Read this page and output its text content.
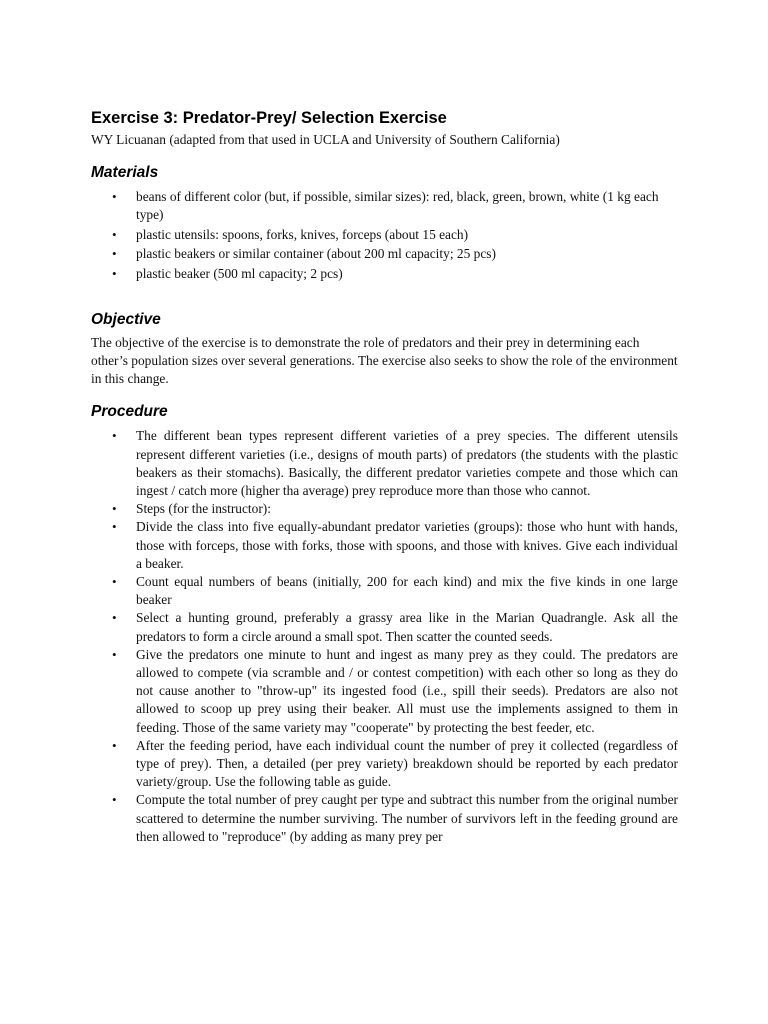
Exercise 3: Predator-Prey/ Selection Exercise

WY Licuanan (adapted from that used in UCLA and University of Southern California)

Materials
• beans of different color (but, if possible, similar sizes): red, black, green, brown, white (1 kg each type)
• plastic utensils: spoons, forks, knives, forceps (about 15 each)
• plastic beakers or similar container (about 200 ml capacity; 25 pcs)
• plastic beaker (500 ml capacity; 2 pcs)
Objective

The objective of the exercise is to demonstrate the role of predators and their prey in determining each other’s population sizes over several generations. The exercise also seeks to show the role of the environment in this change.

Procedure
• The different bean types represent different varieties of a prey species. The different utensils represent different varieties (i.e., designs of mouth parts) of predators (the students with the plastic beakers as their stomachs). Basically, the different predator varieties compete and those which can ingest / catch more (higher tha average) prey reproduce more than those who cannot.
• Steps (for the instructor):
• Divide the class into five equally-abundant predator varieties (groups): those who hunt with hands, those with forceps, those with forks, those with spoons, and those with knives. Give each individual a beaker.
• Count equal numbers of beans (initially, 200 for each kind) and mix the five kinds in one large beaker
• Select a hunting ground, preferably a grassy area like in the Marian Quadrangle. Ask all the predators to form a circle around a small spot. Then scatter the counted seeds.
• Give the predators one minute to hunt and ingest as many prey as they could. The predators are allowed to compete (via scramble and / or contest competition) with each other so long as they do not cause another to "throw-up" its ingested food (i.e., spill their seeds). Predators are also not allowed to scoop up prey using their beaker. All must use the implements assigned to them in feeding. Those of the same variety may "cooperate" by protecting the best feeder, etc.
• After the feeding period, have each individual count the number of prey it collected (regardless of type of prey). Then, a detailed (per prey variety) breakdown should be reported by each predator variety/group. Use the following table as guide.
• Compute the total number of prey caught per type and subtract this number from the original number scattered to determine the number surviving. The number of survivors left in the feeding ground are then allowed to "reproduce" (by adding as many prey per
